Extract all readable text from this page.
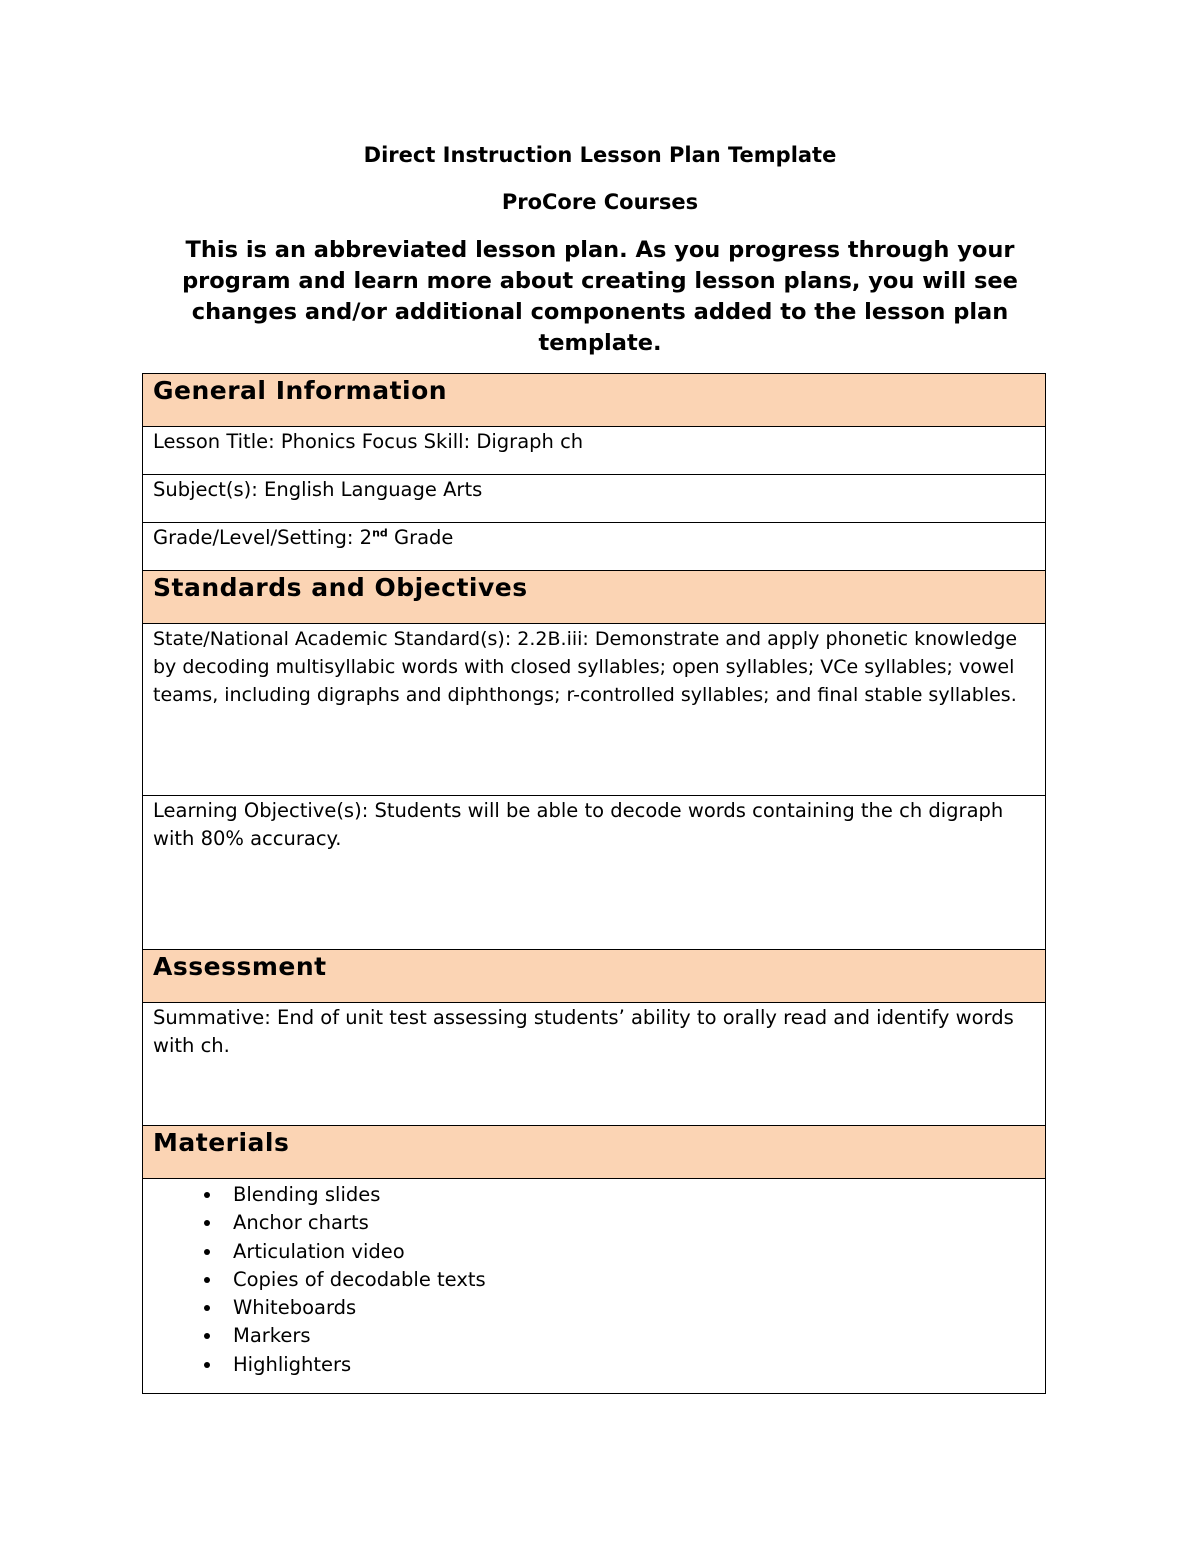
Direct Instruction Lesson Plan Template
ProCore Courses
This is an abbreviated lesson plan. As you progress through your program and learn more about creating lesson plans, you will see changes and/or additional components added to the lesson plan template.
General Information
Lesson Title: Phonics Focus Skill: Digraph ch
Subject(s): English Language Arts
Grade/Level/Setting: 2nd Grade
Standards and Objectives
State/National Academic Standard(s): 2.2B.iii: Demonstrate and apply phonetic knowledge by decoding multisyllabic words with closed syllables; open syllables; VCe syllables; vowel teams, including digraphs and diphthongs; r-controlled syllables; and final stable syllables.
Learning Objective(s): Students will be able to decode words containing the ch digraph with 80% accuracy.
Assessment
Summative: End of unit test assessing students’ ability to orally read and identify words with ch.
Materials

• Blending slides
• Anchor charts
• Articulation video
• Copies of decodable texts
• Whiteboards
• Markers
• Highlighters
